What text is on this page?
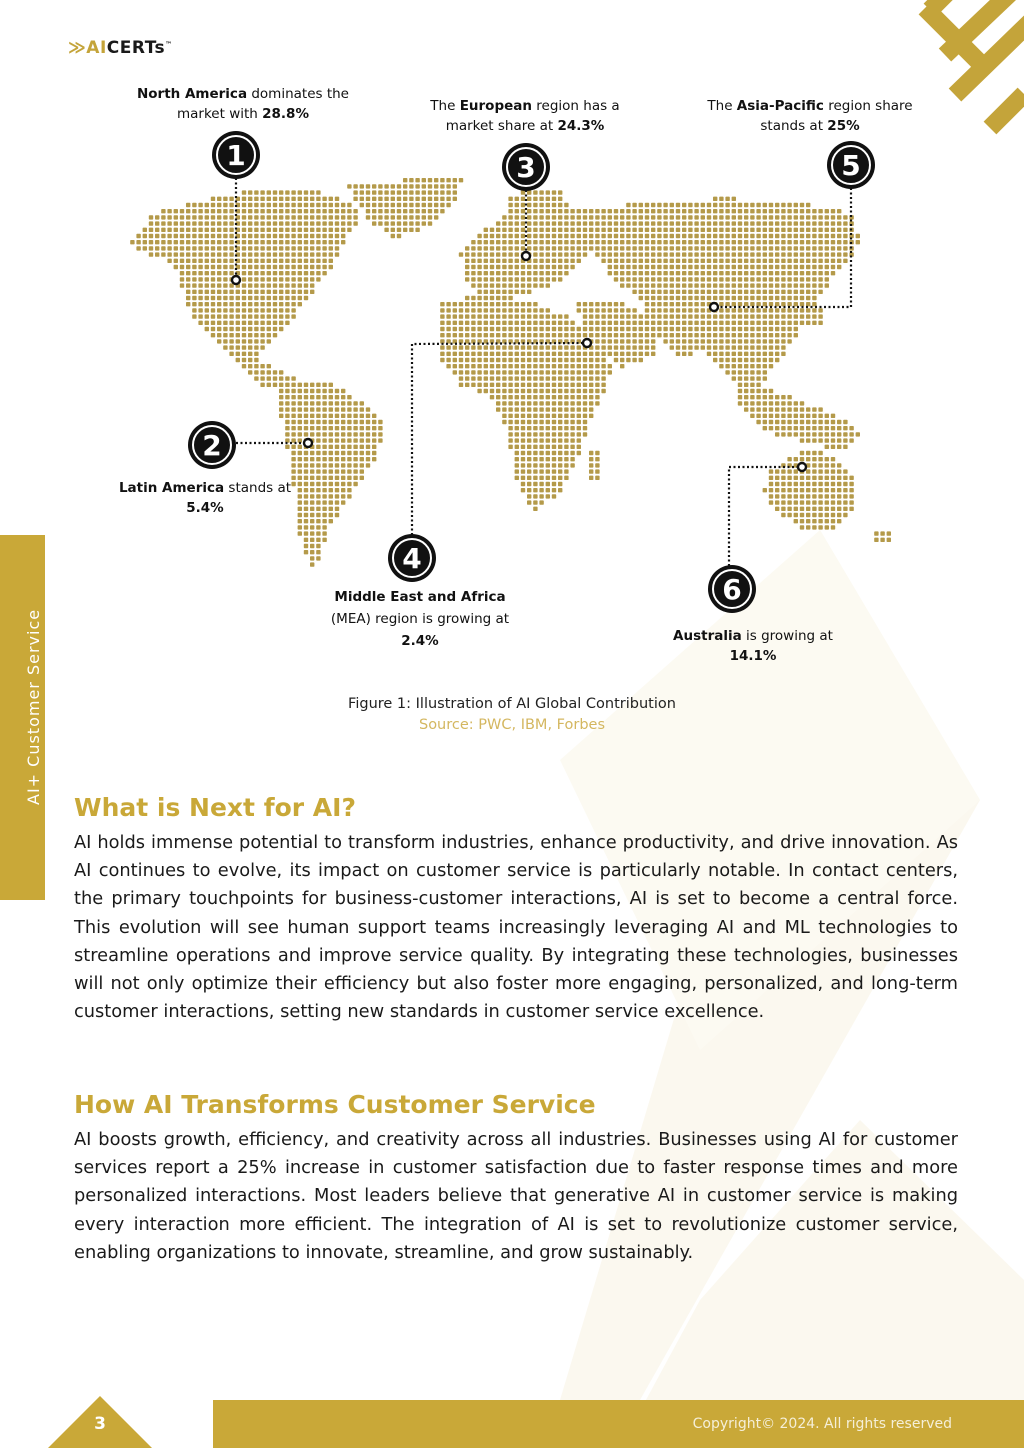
≫AICERTs™
AI+ Customer Service
1
2
3
4
5
6
North America dominates the market with 28.8%
Latin America stands at 5.4%
The European region has a market share at 24.3%
Middle East and Africa (MEA) region is growing at 2.4%
The Asia-Pacific region share stands at 25%
Australia is growing at 14.1%
Figure 1: Illustration of AI Global Contribution
Source: PWC, IBM, Forbes
What is Next for AI?

AI holds immense potential to transform industries, enhance productivity, and drive innovation. As AI continues to evolve, its impact on customer service is particularly notable. In contact centers, the primary touchpoints for business-customer interactions, AI is set to become a central force. This evolution will see human support teams increasingly leveraging AI and ML technologies to streamline operations and improve service quality. By integrating these technologies, businesses will not only optimize their efficiency but also foster more engaging, personalized, and long-term customer interactions, setting new standards in customer service excellence.

How AI Transforms Customer Service

AI boosts growth, efficiency, and creativity across all industries. Businesses using AI for customer services report a 25% increase in customer satisfaction due to faster response times and more personalized interactions. Most leaders believe that generative AI in customer service is making every interaction more efficient. The integration of AI is set to revolutionize customer service, enabling organizations to innovate, streamline, and grow sustainably.

3	Copyright© 2024. All rights reserved
